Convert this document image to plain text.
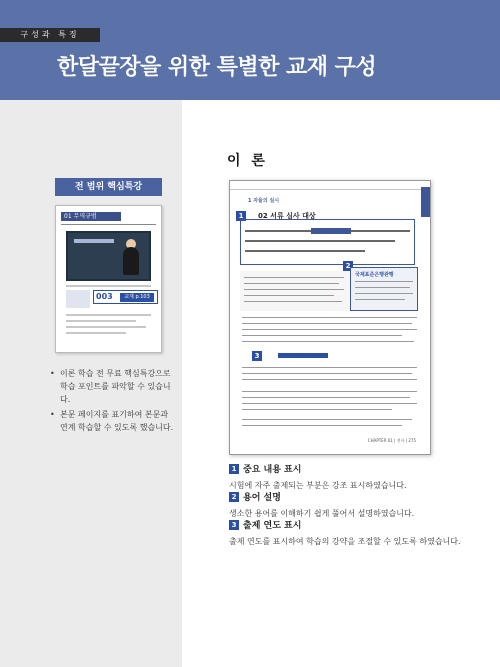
구성과 특징
한달끝장을 위한 특별한 교재 구성
전 범위 핵심특강
01 무역규범
003	교재 p.103
• 이론 학습 전 무료 핵심특강으로 학습 포인트를 파악할 수 있습니다.
• 본문 페이지를 표기하여 본문과 연계 학습할 수 있도록 했습니다.
이 론
1 자율의 실시
1	02 서류 심사 대상
2
국제표준은행관행
3
CHAPTER 01 | 전사 | 275
1 중요 내용 표시
시험에 자주 출제되는 부분은 강조 표시하였습니다.
2 용어 설명
생소한 용어를 이해하기 쉽게 풀어서 설명하였습니다.
3 출제 연도 표시
출제 연도를 표시하여 학습의 강약을 조절할 수 있도록 하였습니다.
